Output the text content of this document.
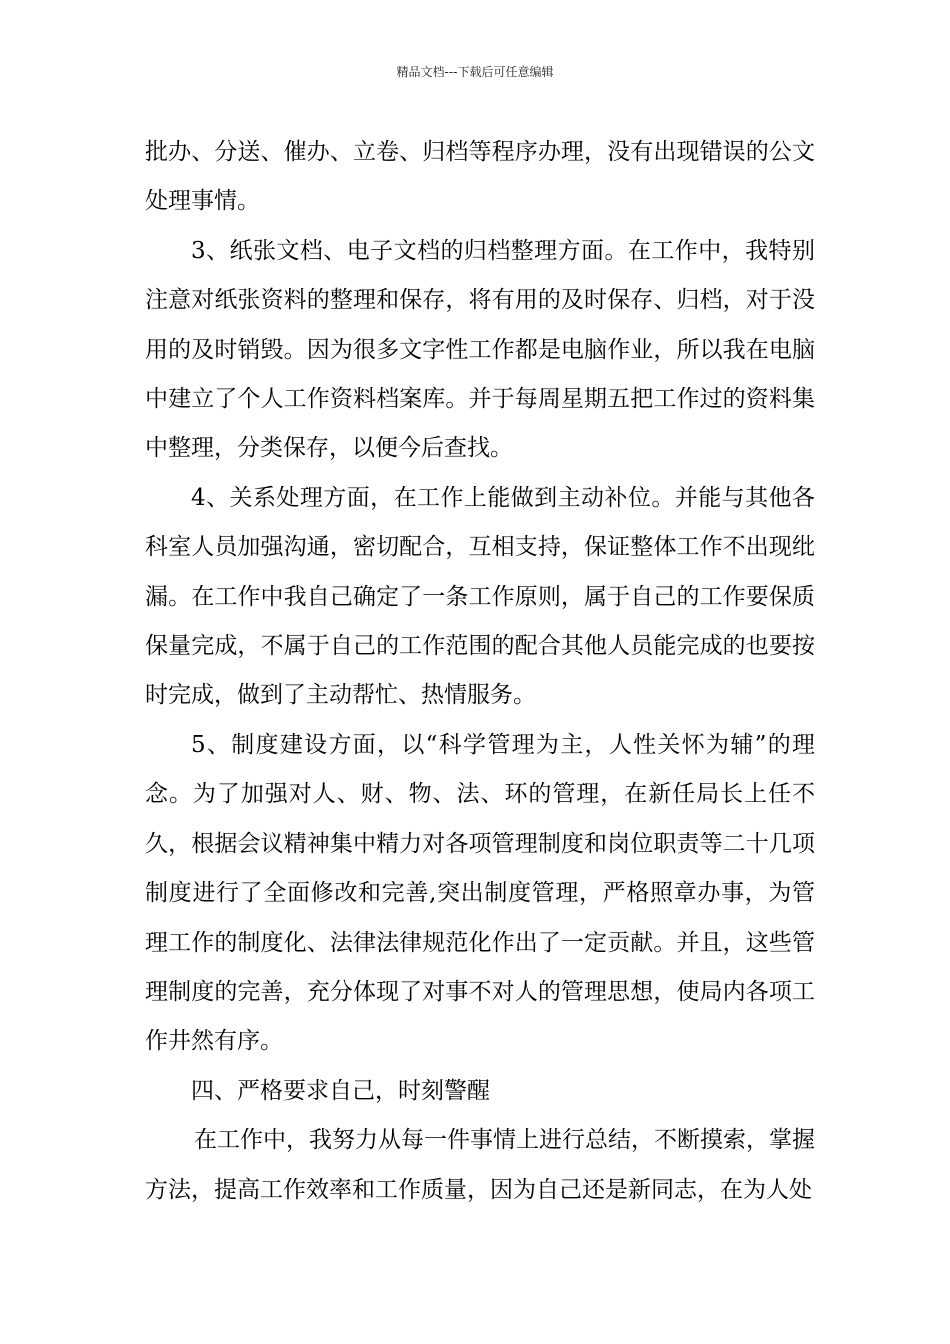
精品文档---下载后可任意编辑

批办、分送、催办、立卷、归档等程序办理，没有出现错误的公文处理事情。

3、纸张文档、电子文档的归档整理方面。在工作中，我特别注意对纸张资料的整理和保存，将有用的及时保存、归档，对于没用的及时销毁。因为很多文字性工作都是电脑作业，所以我在电脑中建立了个人工作资料档案库。并于每周星期五把工作过的资料集中整理，分类保存，以便今后查找。

4、关系处理方面，在工作上能做到主动补位。并能与其他各科室人员加强沟通，密切配合，互相支持，保证整体工作不出现纰漏。在工作中我自己确定了一条工作原则，属于自己的工作要保质保量完成，不属于自己的工作范围的配合其他人员能完成的也要按时完成，做到了主动帮忙、热情服务。

5、制度建设方面，以“科学管理为主，人性关怀为辅”的理念。为了加强对人、财、物、法、环的管理，在新任局长上任不久，根据会议精神集中精力对各项管理制度和岗位职责等二十几项制度进行了全面修改和完善,突出制度管理，严格照章办事，为管理工作的制度化、法律法律规范化作出了一定贡献。并且，这些管理制度的完善，充分体现了对事不对人的管理思想，使局内各项工作井然有序。

四、严格要求自己，时刻警醒

在工作中，我努力从每一件事情上进行总结，不断摸索，掌握方法，提高工作效率和工作质量，因为自己还是新同志，在为人处
